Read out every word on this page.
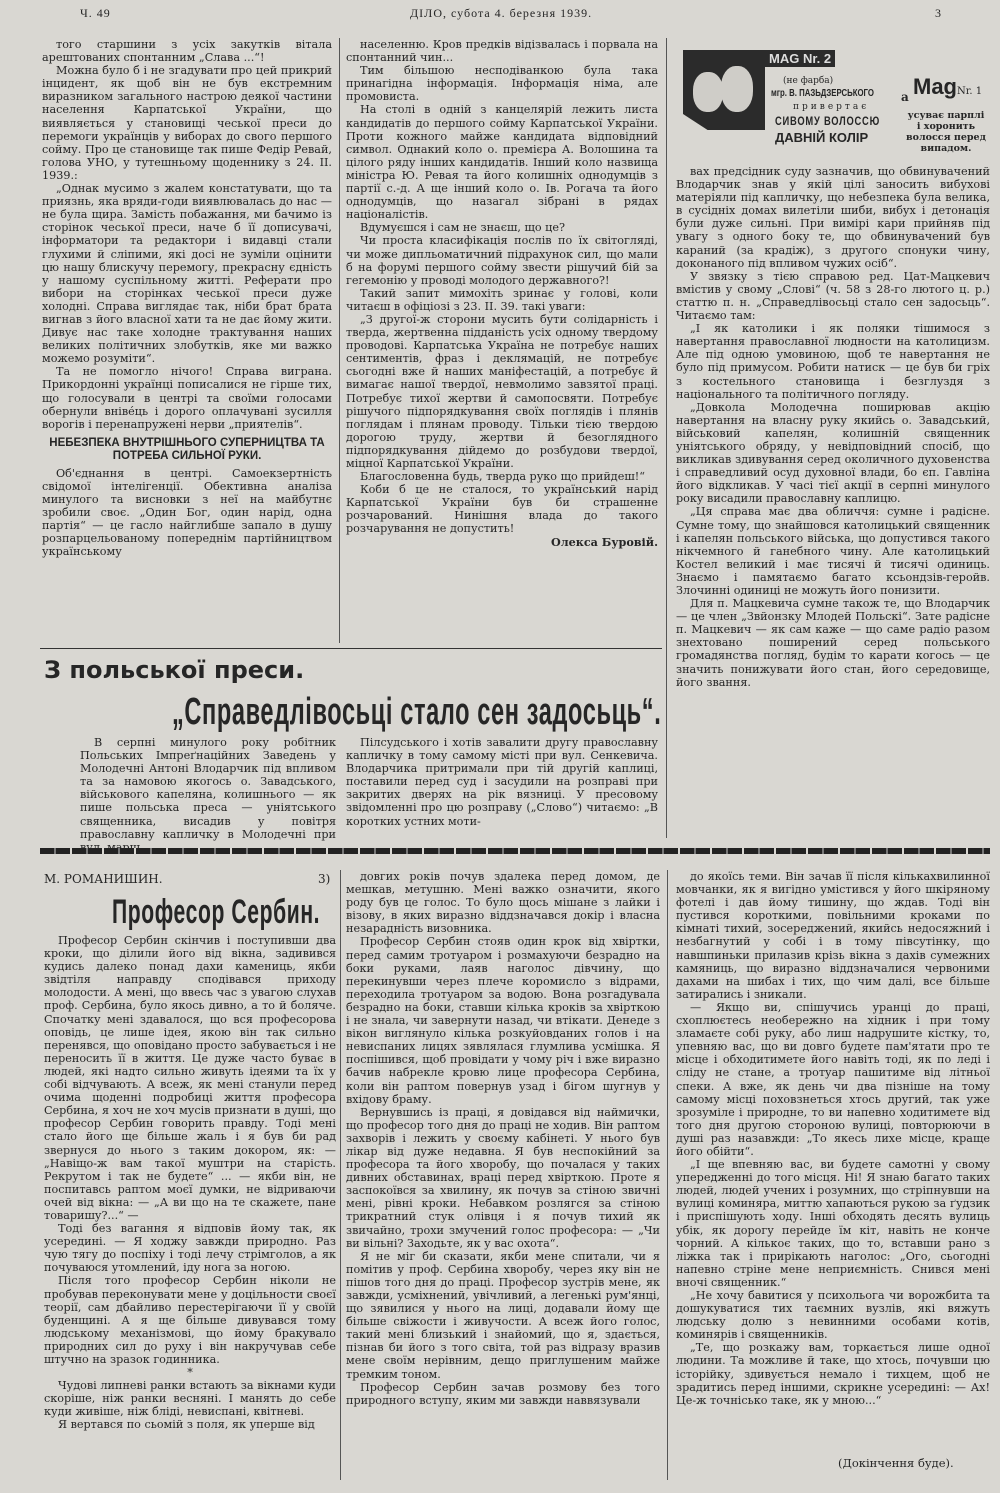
Ч. 49	ДІЛО, субота 4. березня 1939.	3

того старшини з усіх закутків вітала арештованих спонтанним „Слава ...“!

Можна було б і не згадувати про цей прикрий інцидент, як щоб він не був екстремним виразником загального настрою деякої частини населення Карпатської України, що виявляється у становищі чеської преси до перемоги українців у виборах до свого першого сойму. Про це становище так пише Федір Ревай, голова УНО, у тутешньому щоденнику з 24. II. 1939.:

„Однак мусимо з жалем констатувати, що та приязнь, яка вряди-годи виявлювалась до нас — не була щира. Замість побажання, ми бачимо із сторінок чеської преси, наче б її дописувачі, інформатори та редактори і видавці стали глухими й сліпими, які досі не зуміли оцінити цю нашу блискучу перемогу, прекрасну єдність у нашому суспільному житті. Реферати про вибори на сторінках чеської преси дуже холодні. Справа виглядає так, ніби брат брата вигнав з його власної хати та не дає йому жити. Дивує нас таке холодне трактування наших великих політичних злобутків, яке ми важко можемо розуміти“.

Та не помогло нічого! Справа виграна. Прикордонні українці пописалися не гірше тих, що голосували в центрі та своїми голосами обернули вніве́ць і дорого оплачувані зусилля ворогів і перенапружені нерви „приятелів“.

НЕБЕЗПЕКА ВНУТРІШНЬОГО СУПЕРНИЦТВА ТА ПОТРЕБА СИЛЬНОЇ РУКИ.

Об'єднання в центрі. Самоекзертність свідомої інтелігенції. Обективна аналіза минулого та висновки з неї на майбутнє зробили своє. „Один Бог, один нарід, одна партія“ — це гасло найглибше запало в душу розпарцельованому попереднім партійництвом українському

населенню. Кров предків відізвалась і порвала на спонтанний чин...

Тим більшою несподіванкою була така принагідна інформація. Інформація німа, але промовиста.

На столі в одній з канцелярій лежить листа кандидатів до першого сойму Карпатської України. Проти кожного майже кандидата відповідний символ. Однакий коло о. премієра А. Волошина та цілого ряду інших кандидатів. Інший коло назвища міністра Ю. Ревая та його колишніх однодумців з партії с.-д. А ще інший коло о. Ів. Рогача та його однодумців, що назагал зібрані в рядах націоналістів.

Вдумуєшся і сам не знаєш, що це?

Чи проста класифікація послів по їх світоглядi, чи може дипльоматичний підрахунок сил, що мали б на форумі першого сойму звести рішучий бій за гегемонію у проводі молодого державного?!

Такий запит мимохіть зринає у голові, коли читаєш в офіціозі з 23. II. 39. такі уваги:

„З другої-ж сторони мусить бути солідарність і тверда, жертвенна підданість усіх одному твердому проводові. Карпатська Україна не потребує наших сентиментів, фраз і деклямацій, не потребує сьогодні вже й наших маніфестацій, а потребує й вимагає нашої твердої, невмолимо завзятої праці. Потребує тихої жертви й самопосвяти. Потребує рішучого підпорядкування своїх поглядів і плянів поглядам і плянам проводу. Тільки тією твердою дорогою труду, жертви й безоглядного підпорядкування дійдемо до розбудови твердої, міцної Карпатської України.

Благословенна будь, тверда руко що прийдеш!“

Коби б це не сталося, то український нарід Карпатської України був би страшенне розчарований. Нинішня влада до такого розчарування не допустить!

Олекса Буровій.

MAG Nr. 2
(не фарба)
мгр. В. ПАЗЬДЗЕРСЬКОГО
привертає
СИВОМУ ВОЛОССЮ
ДАВНІЙ КОЛІР
а Mag Nr. 1
усуває парплі і хоронить волосся перед випадом.

вах предсідник суду зазначив, що обвинувачений Влодарчик знав у якій цілі заносить вибухові матеріяли під капличку, що небезпека була велика, в сусідніх домах вилетіли шиби, вибух і детонація були дуже сильні. При вимірі кари прийняв під увагу з одного боку те, що обвинувачений був караний (за крадіж), з другого спонуки чину, доконаного під впливом чужих осіб“.

У звязку з тією справою ред. Цат-Мацкевич вмістив у свому „Слові“ (ч. 58 з 28-го лютого ц. р.) статтю п. н. „Справедлівосьці стало сен задосьць“. Читаємо там:

„І як католики і як поляки тішимося з навертання православної людности на католицизм. Але під одною умовиною, щоб те навертання не було під примусом. Робити натиск — це був би гріх з костельного становища і безглуздя з національного та політичного погляду.

„Довкола Молодечна поширював акцію навертання на власну руку якийсь о. Завадський, військовий капелян, колишній священник уніятського обряду, у невідповідний спосіб, що викликав здивування серед околичного духовенства і справедливий осуд духовної влади, бо єп. Гавліна його відкликав. У часі тієї акції в серпні минулого року висадили православну каплицю.

„Ця справа має два обличчя: сумне і радісне. Сумне тому, що знайшовся католицький священник і капелян польського війська, що допустився такого нікчемного й ганебного чину. Але католицький Костел великий і має тисячі й тисячі одиниць. Знаємо і памятаємо багато ксьондзів-геройв. Злочинні одиниці не можуть його понизити.

Для п. Мацкевича сумне також те, що Влодарчик — це член „Звйонзку Млодей Польскі“. Зате радісне п. Мацкевич — як сам каже — що саме радіо разом знехтовано поширений серед польського громадянства погляд, будім то карати когось — це значить понижувати його стан, його середовище, його звання.

З польської преси.
„Справедлівосьці стало сен задосьць“.

В серпні минулого року робітник Польських Імпреґнаційних Заведень у Молодечні Антоні Влодарчик під впливом та за намовою якогось о. Завадського, військового капеляна, колишнього — як пише польська преса — уніятського священника, висадив у повітря православну капличку в Молодечні при

Пілсудського і хотів завалити другу православну капличку в тому самому місті при вул. Сенкевича. Влодарчика притримали при тій другій каплиці, поставили перед суд і засудили на розправі при закритих дверях на рік вязниці. У пресовому звідомленні про цю розправу („Слово“) читаємо: „В коротких устних моти-

М. РОМАНИШИН.	3)
Професор Сербин.

Професор Сербин скінчив і поступивши два кроки, що ділили його від вікна, задивився кудись далеко понад дахи камениць, якби звідтіля направду сподівався приходу молодости. А мені, що ввесь час з увагою слухав проф. Сербина, було якось дивно, а то й боляче. Спочатку мені здавалося, що вся професорова оповідь, це лише ідея, якою він так сильно перенявся, що оповідано просто забувається і не переносить її в життя. Це дуже часто буває в людей, які надто сильно живуть ідеями та їх у собі відчувають. А всеж, як мені станули перед очима щоденні подробиці життя професора Сербина, я хоч не хоч мусів признати в душі, що професор Сербин говорить правду. Тоді мені стало його ще більше жаль і я був би рад звернуся до нього з таким докором, як: — „Навіщо-ж вам такої муштри на старість. Рекрутом і так не будете“ ... — якби він, не поспитавсь раптом моєї думки, не відриваючи очей від вікна: — „А ви що на те скажете, пане товаришу?...“ —

Тоді без вагання я відповів йому так, як усередині. — Я ходжу завжди природно. Раз чую тягу до поспіху і тоді лечу стрімголов, а як почуваюся утомлений, іду нога за ногою.

Після того професор Сербин ніколи не пробував переконувати мене у доцільности своєї теорії, сам дбайливо перестерігаючи її у своїй буденщині. А я ще більше дивувався тому людському механізмові, що йому бракувало природних сил до руху і він накручував себе штучно на зразок годинника.

*

Чудові липневі ранки встають за вікнами куди скоріше, ніж ранки весняні. І манять до себе куди живіше, ніж блідi, невиспані, квітневі.

Я вертався по сьомій з поля, як уперше від

довгих років почув здалека перед домом, де мешкав, метушню. Мені важко означити, якого роду був це голос. То було щось мішане з лайки і візову, в яких виразно віддзначався докір і власна незарадність визовника.

Професор Сербин стояв один крок від хвіртки, перед самим тротуаром і розмахуючи безрадно на боки руками, лаяв наголос дівчину, що перекинувши через плече коромисло з відрами, переходила тротуаром за водою. Вона розгадувала безрадно на боки, ставши кілька кроків за хвірткою і не знала, чи завернути назад, чи втікати. Денеде з вікон виглянуло кілька розкуйовданих голов і на невиспаних лицях зявлялася глумлива усмішка. Я поспішився, щоб провідати у чому річ і вже виразно бачив набрекле кровю лице професора Сербина, коли він раптом повернув узад і бігом шугнув у вхідову браму.

Вернувшись із праці, я довідався від наймички, що професор того дня до праці не ходив. Він раптом захворів і лежить у своєму кабінеті. У нього був лікар від дуже недавна. Я був неспокійний за професора та його хворобу, що почалася у таких дивних обставинах, враці перед хвірткою. Проте я заспокоївся за хвилину, як почув за стіною звичні мені, рівні кроки. Небавком розлягся за стіною трикратний стук олівця і я почув тихий як звичайно, трохи змучений голос професора: — „Чи ви вільні? Заходьте, як у вас охота“.

Я не міг би сказати, якби мене спитали, чи я помітив у проф. Сербина хворобу, через яку він не пішов того дня до праці. Професор зустрів мене, як завжди, усміхнений, увічливий, а легенькі рум'янці, що зявилися у нього на лиці, додавали йому ще більше свіжости і живучости. А всеж його голос, такий мені близький і знайомий, що я, здається, пізнав би його з того світа, той раз відразу вразив мене своїм нерівним, дещо приглушеним майже тремким тоном.

Професор Сербин зачав розмову без того природного вступу, яким ми завжди наввязували

до якоїсь теми. Він зачав її після кількахвилинної мовчанки, як я вигідно умістився у його шкіряному фотелі і дав йому тишину, що ждав. Тоді він пустився короткими, повільними кроками по кімнаті тихий, зосереджений, якийсь недосяжний і незбагнутий у собі і в тому півсутінку, що навшпиньки прилазив крізь вікна з дахів сумежних камяниць, що виразно віддзначалися червоними дахами на шибах і тих, що чим далі, все більше затирались і зникали.

— Якщо ви, спішучись уранці до праці, схоплюєтесь необережно на хідник і при тому зламаєте собі руку, або лиш надрушите кістку, то, упевняю вас, що ви довго будете пам'ятати про те місце і обходитимете його навіть тоді, як по леді і сліду не стане, а тротуар пашитиме від літньої спеки. А вже, як день чи два пізніше на тому самому місці поховзнеться хтось другий, так уже зрозуміле і природне, то ви напевно ходитимете від того дня другою стороною вулиці, повторюючи в душі раз назавжди: „То якесь лихе місце, краще його обійти“.

„І ще впевняю вас, ви будете самотні у свому упередженні до того місця. Ні! Я знаю багато таких людей, людей учених і розумних, що стріпнувши на вулиці коминяра, миттю хапаються рукою за ґудзик і приспішують ходу. Інші обходять десять вулиць убік, як дорогу перейде їм кіт, навіть не конче чорний. А кількоє таких, що то, вставши рано з ліжка так і прирікають наголос: „Ого, сьогодні напевно стріне мене неприємність. Снився мені вночі священник.“

„Не хочу бавитися у психольога чи ворожбита та дошукуватися тих таємних вузлів, які вяжуть людську долю з невинними особами котів, коминярів і священників.

„Те, що розкажу вам, торкається лише одної людини. Та можливе й таке, що хтось, почувши цю історійку, здивується немало і тихцем, щоб не зрадитись перед іншими, скрикне усередині: — Ах! Це-ж точнісько таке, як у мною...“

(Докінчення буде).
